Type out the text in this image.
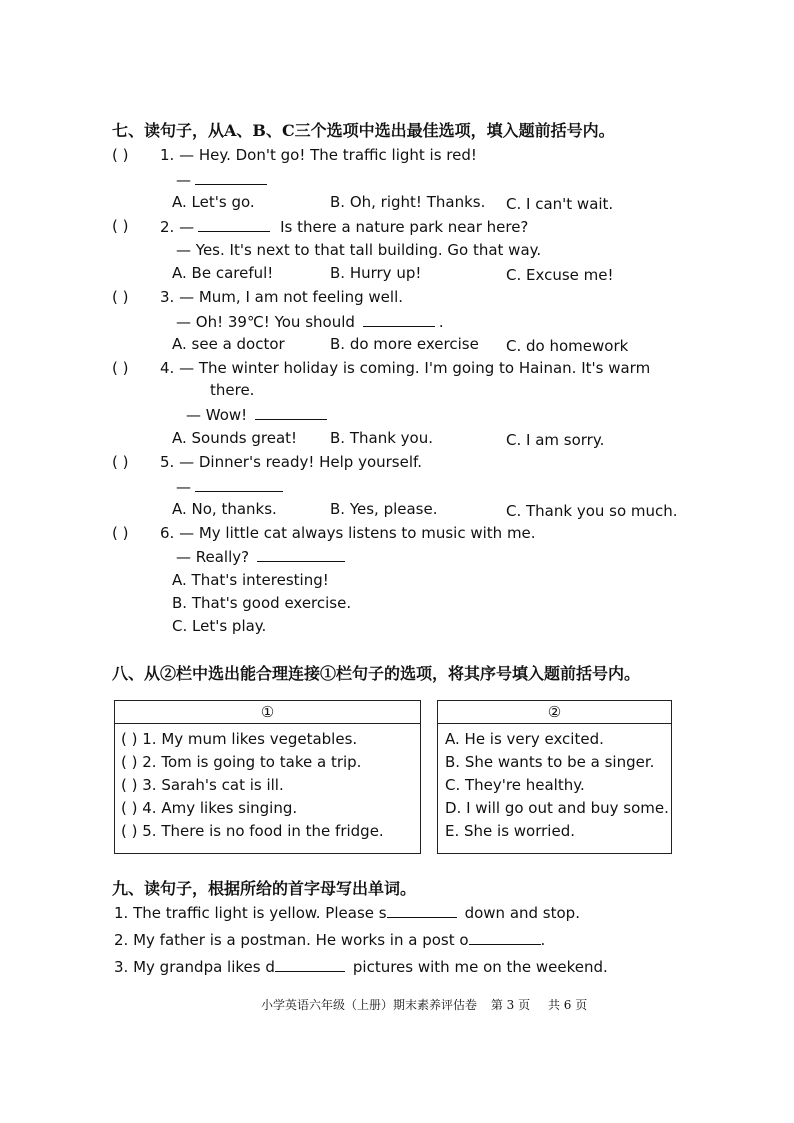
七、读句子，从A、B、C三个选项中选出最佳选项，填入题前括号内。
( ) 1. — Hey. Don't go! The traffic light is red!
—
A. Let's go.	B. Oh, right! Thanks. C. I can't wait.
( ) 2. —	Is there a nature park near here?
— Yes. It's next to that tall building. Go that way.
A. Be careful!	B. Hurry up!	C. Excuse me!
( ) 3. — Mum, I am not feeling well.
— Oh! 39℃! You should	.
A. see a doctor	B. do more exercise C. do homework
( ) 4. — The winter holiday is coming. I'm going to Hainan. It's warm
there.
— Wow!
A. Sounds great! B. Thank you.	C. I am sorry.
( ) 5. — Dinner's ready! Help yourself.
—
A. No, thanks.	B. Yes, please.	C. Thank you so much.
( ) 6. — My little cat always listens to music with me.
— Really?
A. That's interesting!
B. That's good exercise.
C. Let's play.
八、从②栏中选出能合理连接①栏句子的选项，将其序号填入题前括号内。
①
( ) 1. My mum likes vegetables.
( ) 2. Tom is going to take a trip.
( ) 3. Sarah's cat is ill.
( ) 4. Amy likes singing.
( ) 5. There is no food in the fridge.
②
A. He is very excited.
B. She wants to be a singer.
C. They're healthy.
D. I will go out and buy some.
E. She is worried.
九、读句子，根据所给的首字母写出单词。
1. The traffic light is yellow. Please s	down and stop.
2. My father is a postman. He works in a post o	.
3. My grandpa likes d	pictures with me on the weekend.
小学英语六年级（上册）期末素养评估卷 第 3 页 共 6 页
